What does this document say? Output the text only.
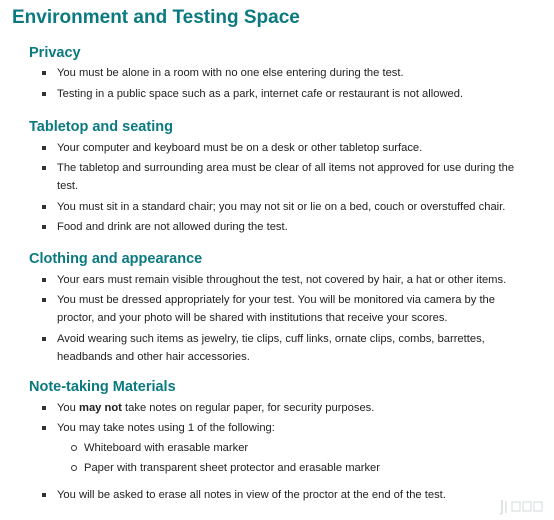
Environment and Testing Space
Privacy
You must be alone in a room with no one else entering during the test.
Testing in a public space such as a park, internet cafe or restaurant is not allowed.
Tabletop and seating
Your computer and keyboard must be on a desk or other tabletop surface.
The tabletop and surrounding area must be clear of all items not approved for use during the test.
You must sit in a standard chair; you may not sit or lie on a bed, couch or overstuffed chair.
Food and drink are not allowed during the test.
Clothing and appearance
Your ears must remain visible throughout the test, not covered by hair, a hat or other items.
You must be dressed appropriately for your test. You will be monitored via camera by the proctor, and your photo will be shared with institutions that receive your scores.
Avoid wearing such items as jewelry, tie clips, cuff links, ornate clips, combs, barrettes, headbands and other hair accessories.
Note-taking Materials
You may not take notes on regular paper, for security purposes.
You may take notes using 1 of the following:
Whiteboard with erasable marker
Paper with transparent sheet protector and erasable marker
You will be asked to erase all notes in view of the proctor at the end of the test.
